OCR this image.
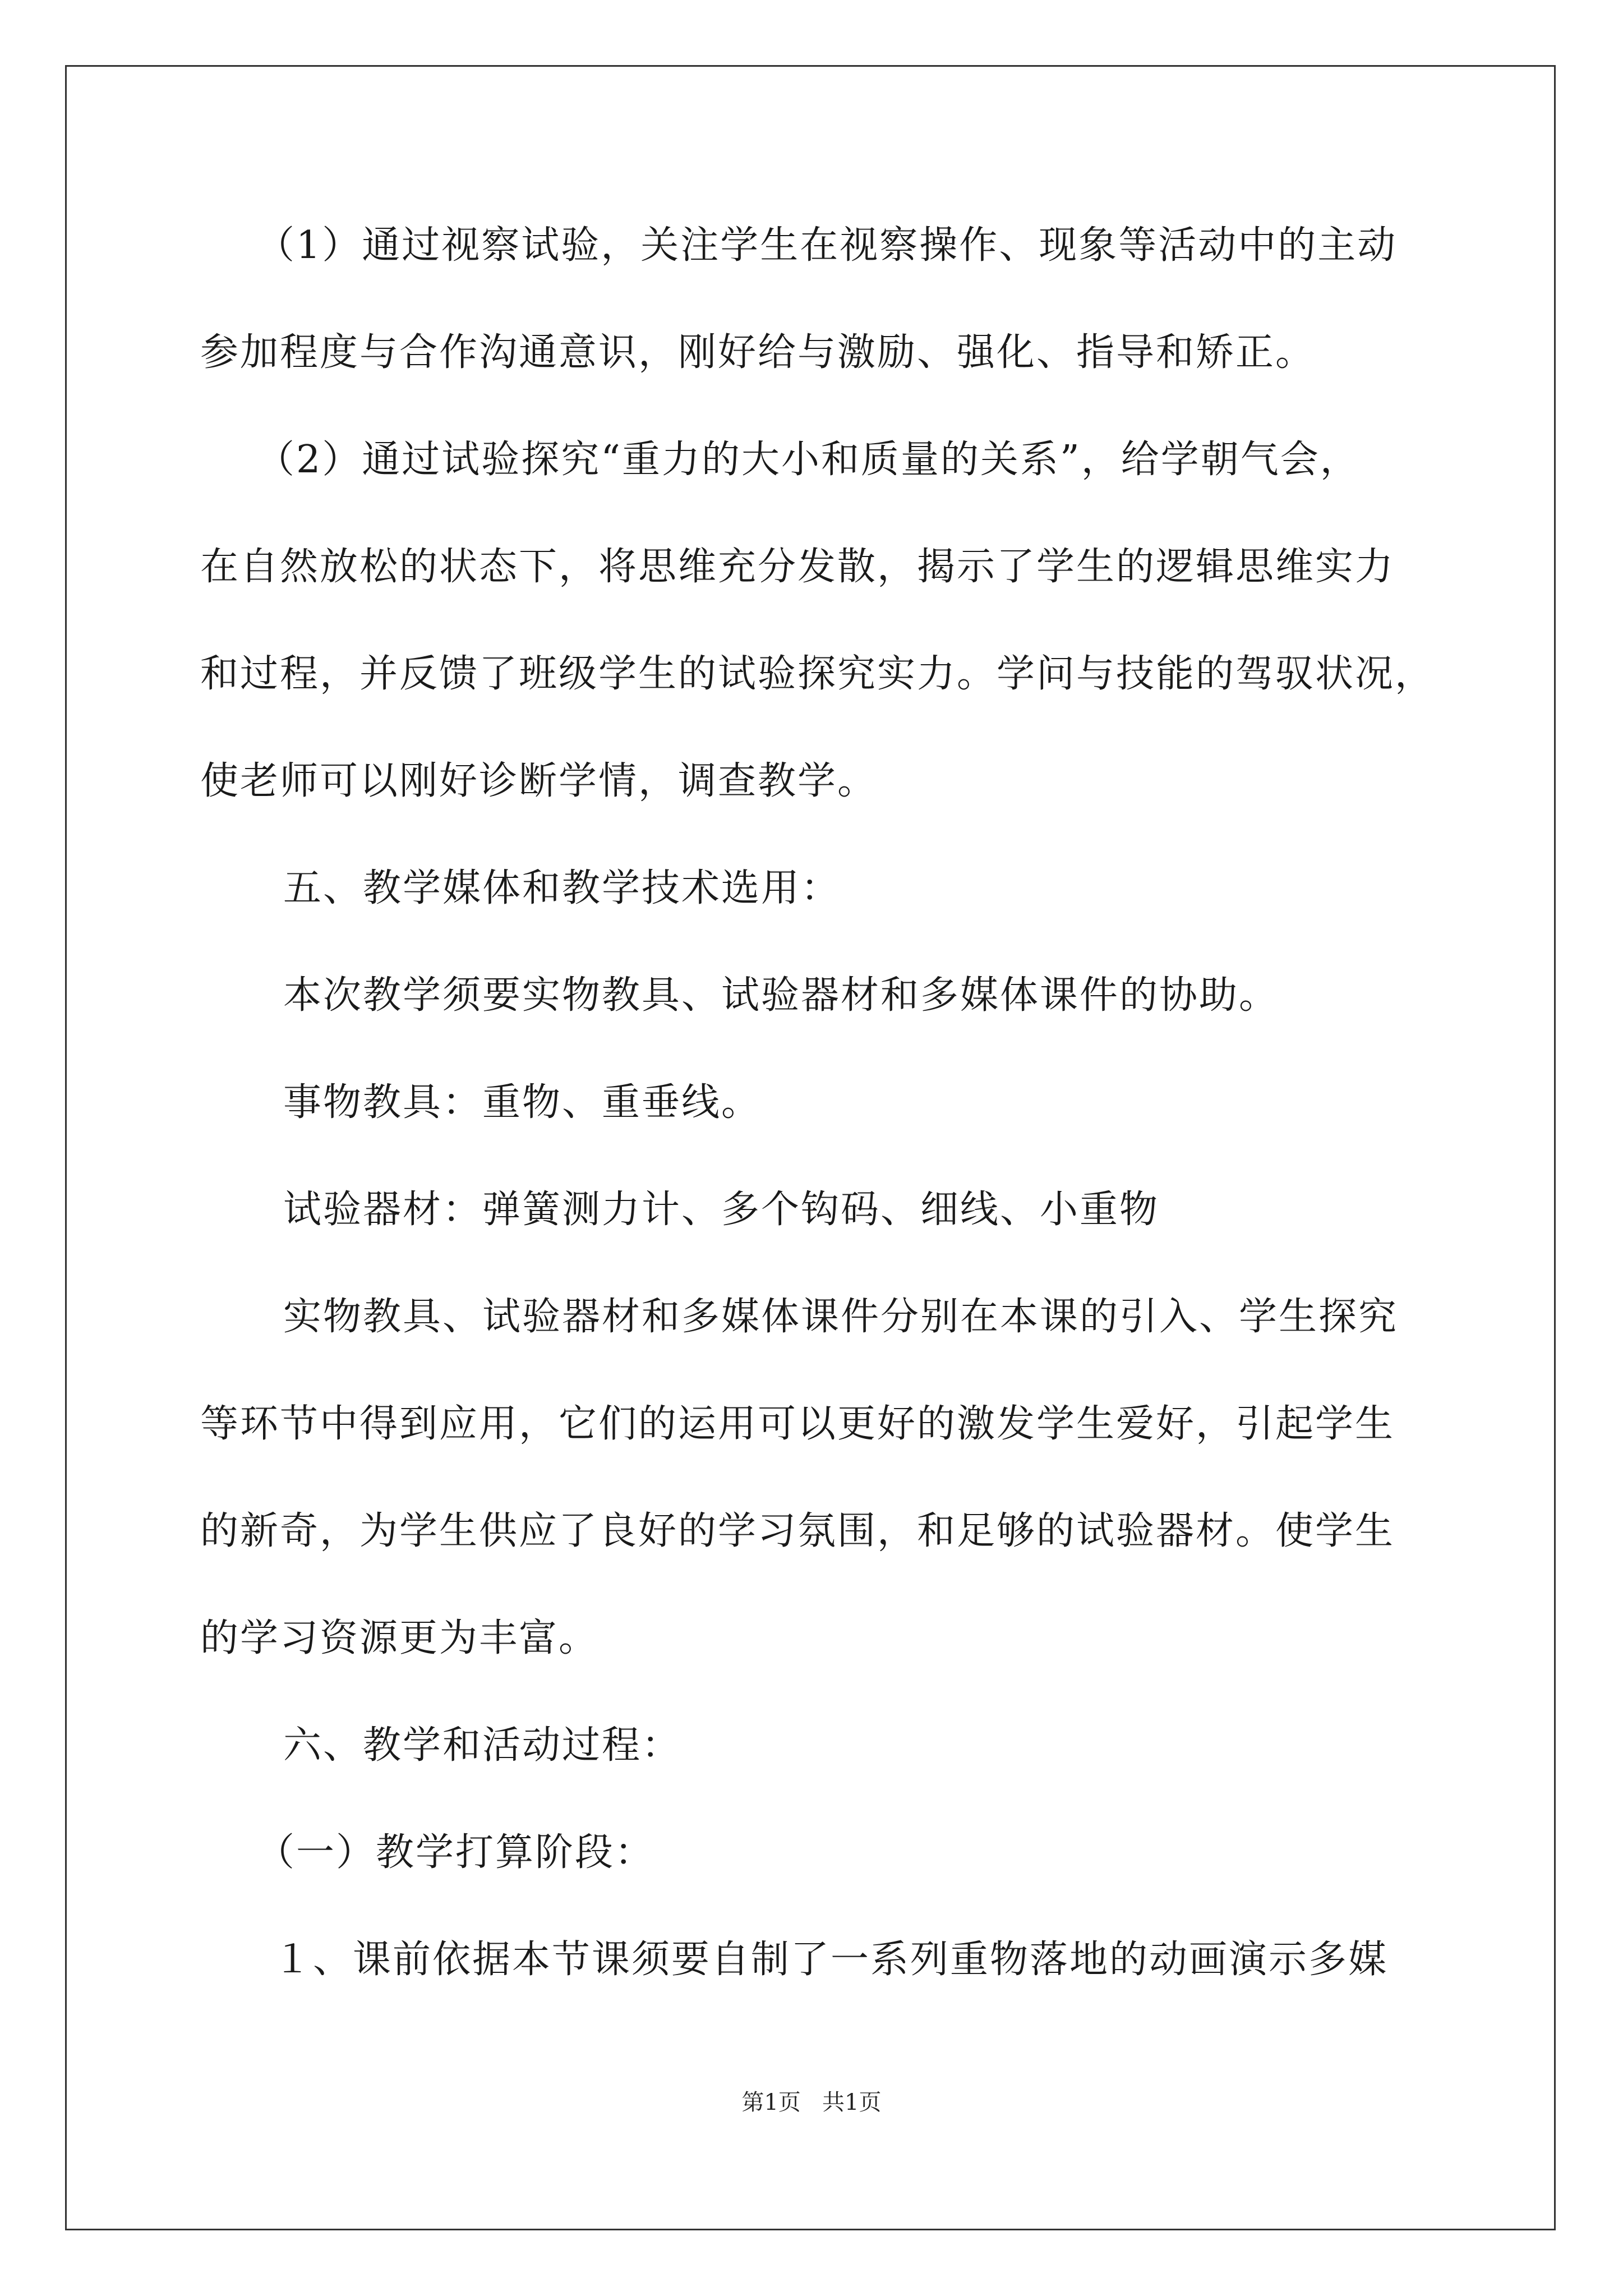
（1）通过视察试验，关注学生在视察操作、现象等活动中的主动
参加程度与合作沟通意识，刚好给与激励、强化、指导和矫正。
（2）通过试验探究“重力的大小和质量的关系”，给学朝气会，
在自然放松的状态下，将思维充分发散，揭示了学生的逻辑思维实力
和过程，并反馈了班级学生的试验探究实力。学问与技能的驾驭状况，
使老师可以刚好诊断学情，调查教学。
五、教学媒体和教学技术选用：
本次教学须要实物教具、试验器材和多媒体课件的协助。
事物教具：重物、重垂线。
试验器材：弹簧测力计、多个钩码、细线、小重物
实物教具、试验器材和多媒体课件分别在本课的引入、学生探究
等环节中得到应用，它们的运用可以更好的激发学生爱好，引起学生
的新奇，为学生供应了良好的学习氛围，和足够的试验器材。使学生
的学习资源更为丰富。
六、教学和活动过程：
（一）教学打算阶段：
１、课前依据本节课须要自制了一系列重物落地的动画演示多媒
第1页   共1页
